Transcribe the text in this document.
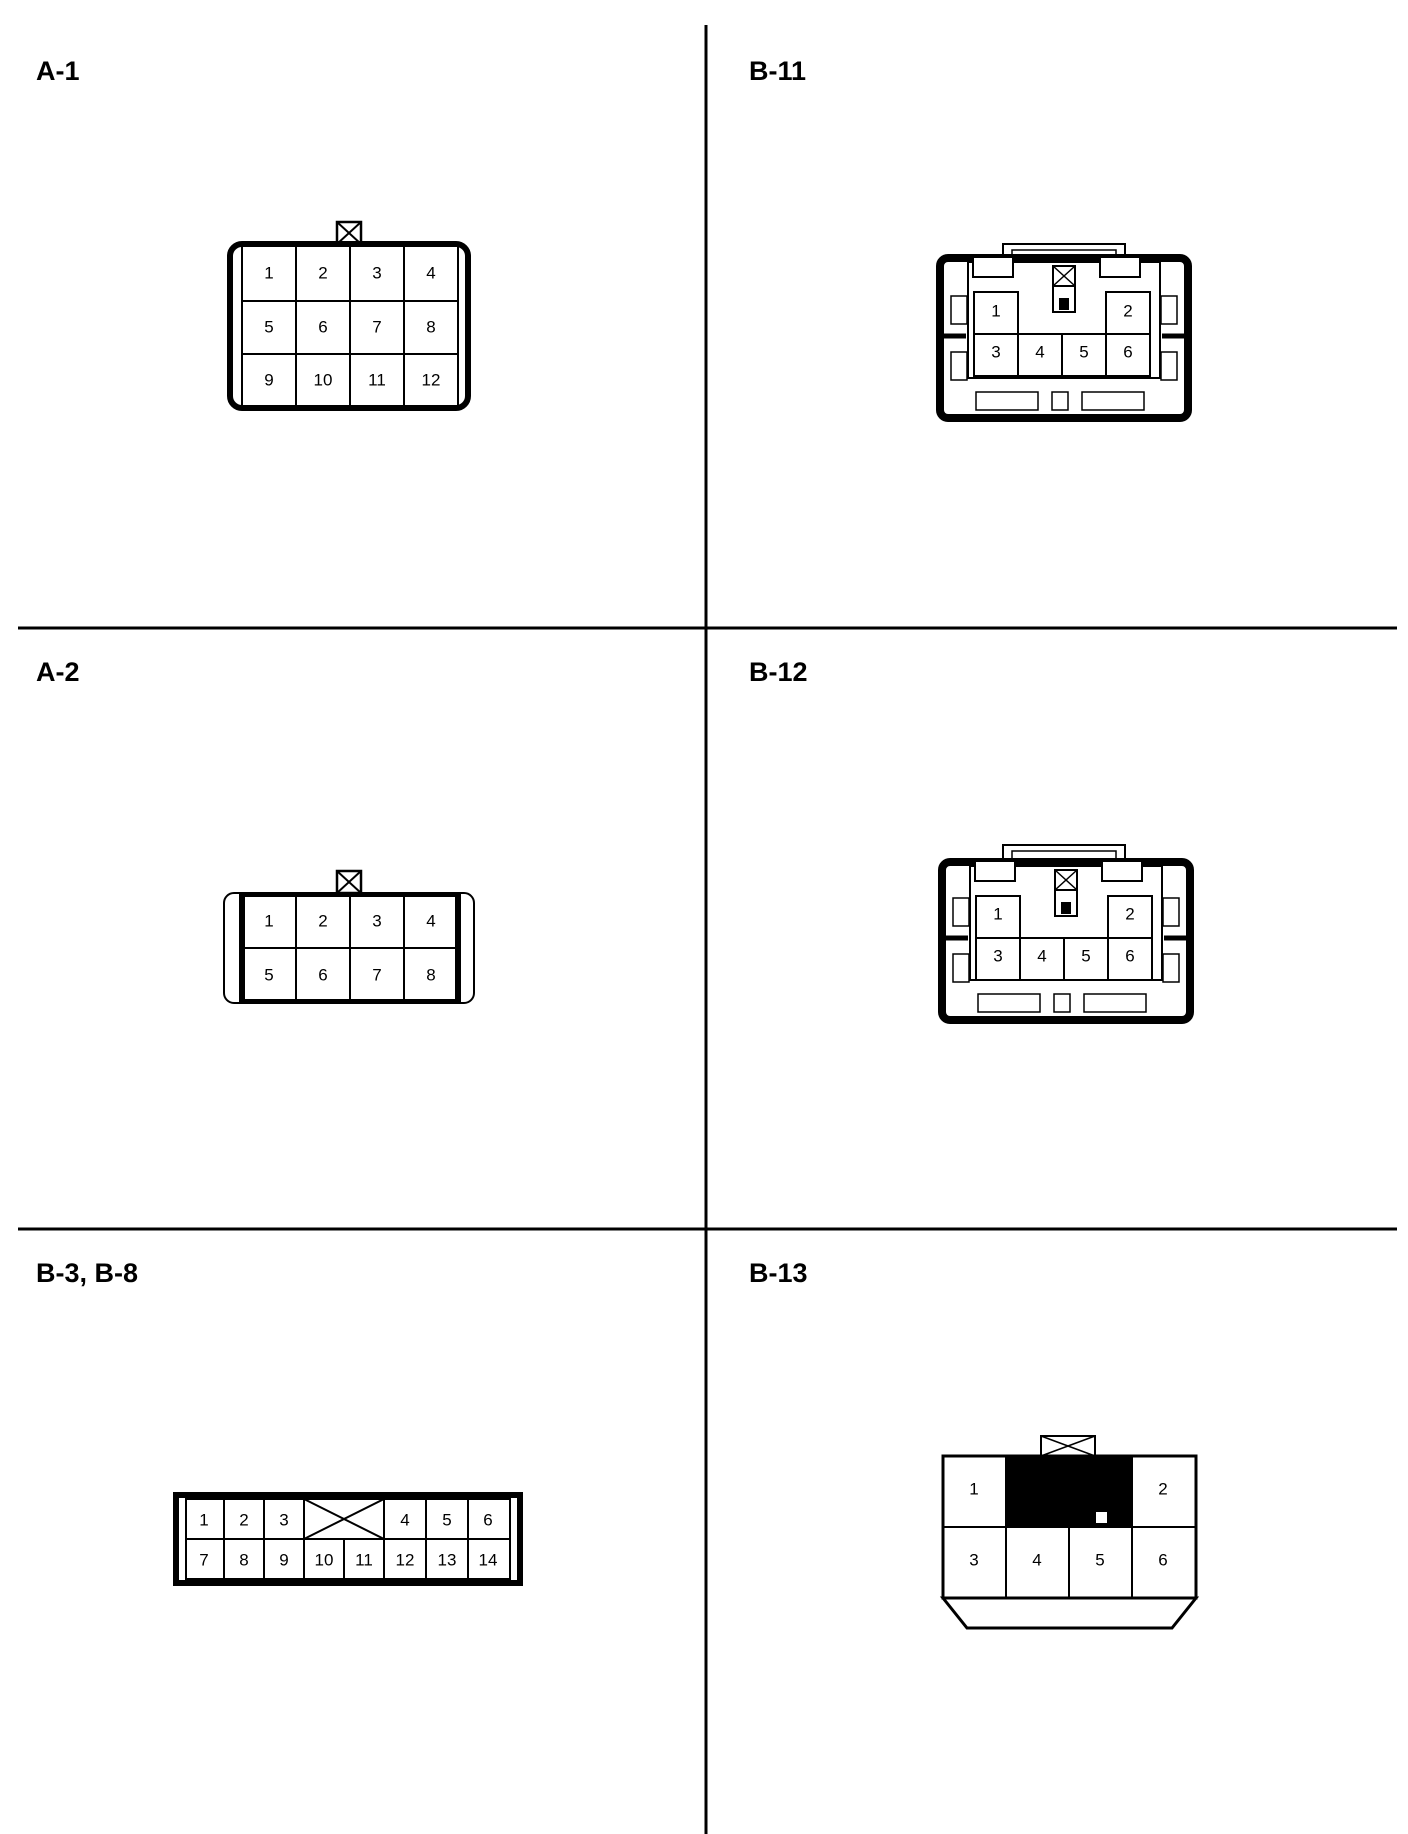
A-1	B-11
A-2	B-12
B-3, B-8	B-13
1	2	3	4
5	6	7	8
9 10 11 12
1	2
3 4 5 6
1	2	3	4
5	6	7	8
1	2
3 4 5 6
1 2 3	4 5 6
7 8 9 10 11 12 13 14
1	2
3	4	5	6
